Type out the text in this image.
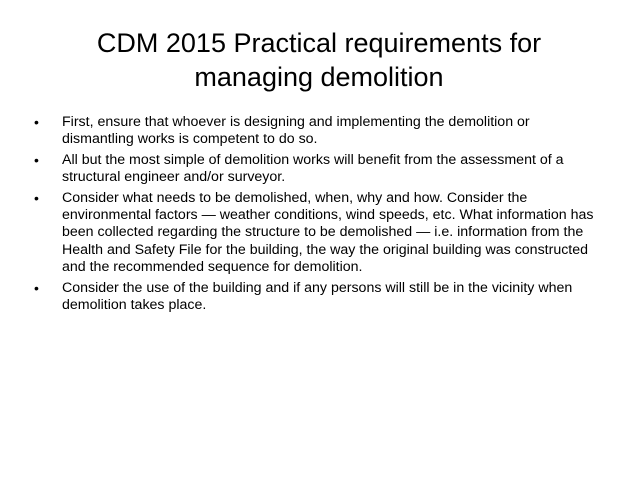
CDM 2015 Practical requirements for
managing demolition
•	First, ensure that whoever is designing and implementing the demolition or dismantling works is competent to do so.
•	All but the most simple of demolition works will benefit from the assessment of a structural engineer and/or surveyor.
•	Consider what needs to be demolished, when, why and how. Consider the environmental factors — weather conditions, wind speeds, etc. What information has been collected regarding the structure to be demolished — i.e. information from the Health and Safety File for the building, the way the original building was constructed and the recommended sequence for demolition.
•	Consider the use of the building and if any persons will still be in the vicinity when demolition takes place.
